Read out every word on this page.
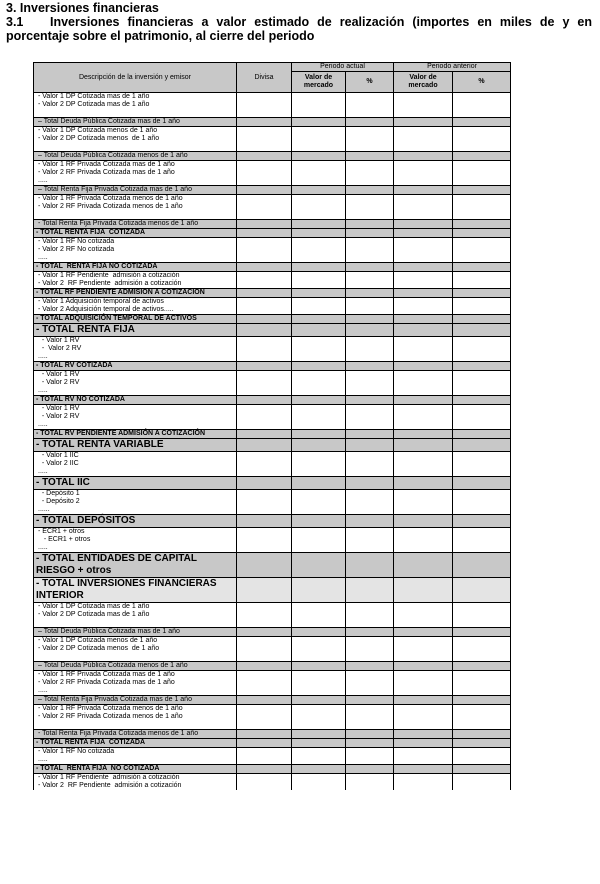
3. Inversiones financieras
3.1 Inversiones financieras a valor estimado de realización (importes en miles de y en porcentaje sobre el patrimonio, al cierre del periodo
Descripción de la inversión y emisor	Divisa	Periodo actual		Periodo anterior	
		Valor de mercado	%	Valor de mercado	%

- Valor 1 DP Cotizada mas de 1 año
- Valor 2 DP Cotizada mas de 1 año					

– Total Deuda Pública Cotizada mas de 1 año					

- Valor 1 DP Cotizada menos de 1 año
- Valor 2 DP Cotizada menos  de 1 año					

– Total Deuda Pública Cotizada menos de 1 año					

- Valor 1 RF Privada Cotizada mas de 1 año
- Valor 2 RF Privada Cotizada mas de 1 año
.....					

– Total Renta Fija Privada Cotizada mas de 1 año					

- Valor 1 RF Privada Cotizada menos de 1 año
- Valor 2 RF Privada Cotizada menos de 1 año					

- Total Renta Fija Privada Cotizada menos de 1 año					

- TOTAL RENTA FIJA  COTIZADA					

- Valor 1 RF No cotizada
- Valor 2 RF No cotizada
.....					

- TOTAL  RENTA FIJA NO COTIZADA					

- Valor 1 RF Pendiente  admisión a cotización
- Valor 2  RF Pendiente  admisión a cotización					

- TOTAL RF PENDIENTE ADMISION A COTIZACION					

- Valor 1 Adquisición temporal de activos
- Valor 2 Adquisición temporal de activos.....					

- TOTAL ADQUISICIÓN TEMPORAL DE ACTIVOS					

- TOTAL RENTA FIJA					

- Valor 1 RV
-  Valor 2 RV
.....					

- TOTAL RV COTIZADA					

- Valor 1 RV
- Valor 2 RV
.....					

- TOTAL RV NO COTIZADA					

- Valor 1 RV
- Valor 2 RV
.....					

- TOTAL RV PENDIENTE ADMISIÓN A COTIZACIÓN					

- TOTAL RENTA VARIABLE					

- Valor 1 IIC
- Valor 2 IIC
.....					

- TOTAL IIC					

- Depósito 1
- Depósito 2
......					

- TOTAL DEPÓSITOS					

- ECR1 + otros
- ECR1 + otros
.....					

- TOTAL ENTIDADES DE CAPITAL RIESGO + otros					

- TOTAL INVERSIONES FINANCIERAS INTERIOR					

- Valor 1 DP Cotizada mas de 1 año
- Valor 2 DP Cotizada mas de 1 año					

– Total Deuda Pública Cotizada mas de 1 año					

- Valor 1 DP Cotizada menos de 1 año
- Valor 2 DP Cotizada menos  de 1 año					

– Total Deuda Pública Cotizada menos de 1 año					

- Valor 1 RF Privada Cotizada mas de 1 año
- Valor 2 RF Privada Cotizada mas de 1 año
.....					

– Total Renta Fija Privada Cotizada mas de 1 año					

- Valor 1 RF Privada Cotizada menos de 1 año
- Valor 2 RF Privada Cotizada menos de 1 año					

- Total Renta Fija Privada Cotizada menos de 1 año					

- TOTAL RENTA FIJA  COTIZADA					

- Valor 1 RF No cotizada
.....					

- TOTAL  RENTA FIJA  NO COTIZADA					

- Valor 1 RF Pendiente  admisión a cotización
- Valor 2  RF Pendiente  admisión a cotización					
